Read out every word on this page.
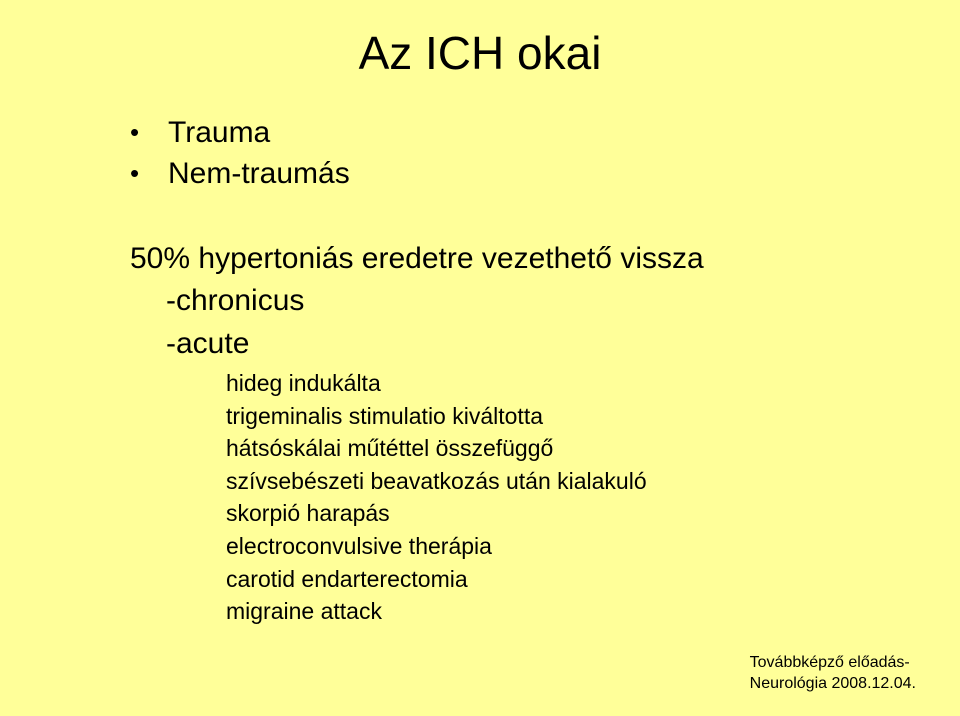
Az ICH okai
• Trauma
• Nem-traumás
50% hypertoniás eredetre vezethető vissza
-chronicus
-acute
hideg indukálta
trigeminalis stimulatio kiváltotta
hátsóskálai műtéttel összefüggő
szívsebészeti beavatkozás után kialakuló
skorpió harapás
electroconvulsive therápia
carotid endarterectomia
migraine attack
Továbbképző előadás-
Neurológia 2008.12.04.
